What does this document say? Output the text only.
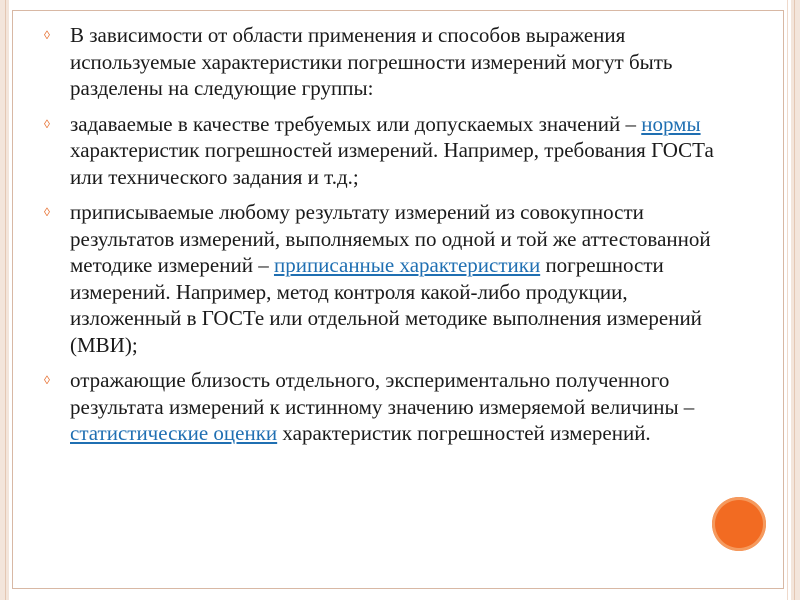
◊ В зависимости от области применения и способов выражения используемые характеристики погрешности измерений могут быть разделены на следующие группы:
◊ задаваемые в качестве требуемых или допускаемых значений – нормы характеристик погрешностей измерений. Например, требования ГОСТа или технического задания и т.д.;
◊ приписываемые любому результату измерений из совокупности результатов измерений, выполняемых по одной и той же аттестованной методике измерений – приписанные характеристики погрешности измерений. Например, метод контроля какой-либо продукции, изложенный в ГОСТе или отдельной методике выполнения измерений (МВИ);
◊ отражающие близость отдельного, экспериментально полученного результата измерений к истинному значению измеряемой величины – статистические оценки характеристик погрешностей измерений.
